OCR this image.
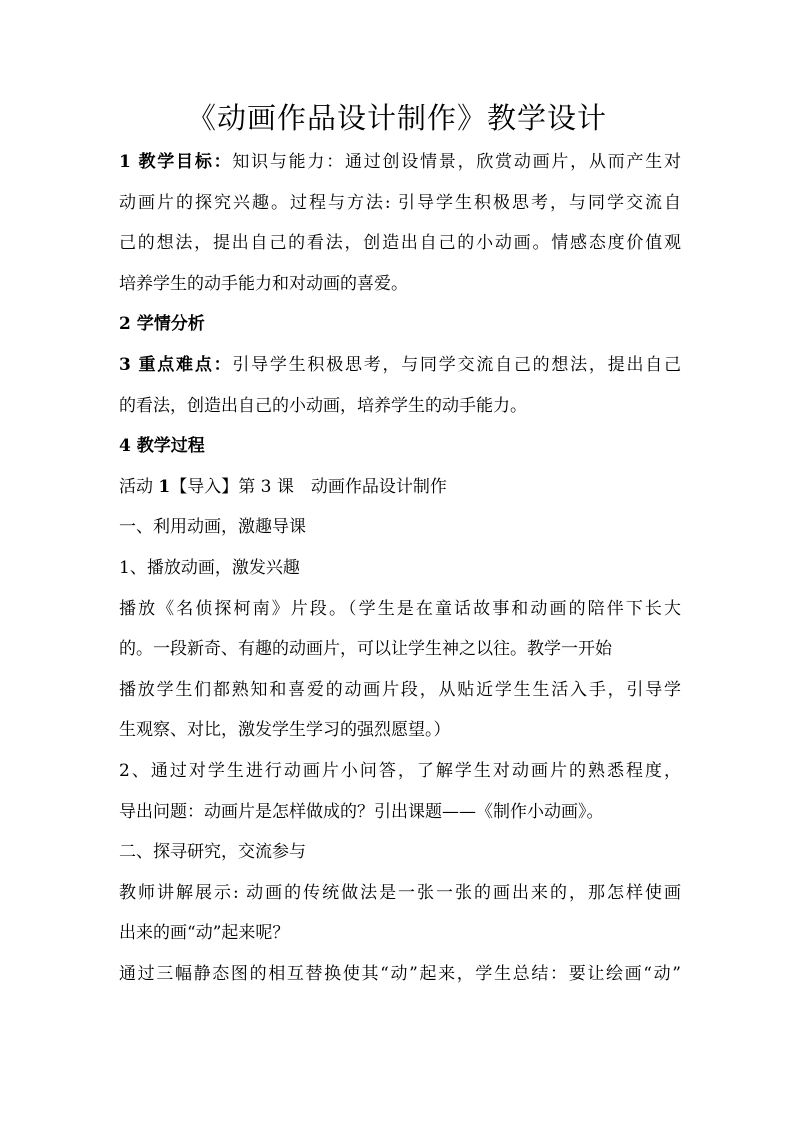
《动画作品设计制作》教学设计
1 教学目标：知识与能力：通过创设情景，欣赏动画片，从而产生对
动画片的探究兴趣。过程与方法: 引导学生积极思考，与同学交流自
己的想法，提出自己的看法，创造出自己的小动画。情感态度价值观
培养学生的动手能力和对动画的喜爱。
2 学情分析
3 重点难点：引导学生积极思考，与同学交流自己的想法，提出自己
的看法，创造出自己的小动画，培养学生的动手能力。
4 教学过程
活动 1【导入】第 3 课　动画作品设计制作
一、利用动画，激趣导课
1、播放动画，激发兴趣
播放《名侦探柯南》片段。（学生是在童话故事和动画的陪伴下长大
的。一段新奇、有趣的动画片，可以让学生神之以往。教学一开始
播放学生们都熟知和喜爱的动画片段，从贴近学生生活入手，引导学
生观察、对比，激发学生学习的强烈愿望。）
2、通过对学生进行动画片小问答，了解学生对动画片的熟悉程度，
导出问题：动画片是怎样做成的？引出课题——《制作小动画》。
二、探寻研究，交流参与
教师讲解展示: 动画的传统做法是一张一张的画出来的，那怎样使画
出来的画“动”起来呢？
通过三幅静态图的相互替换使其“动”起来，学生总结：要让绘画“动”
